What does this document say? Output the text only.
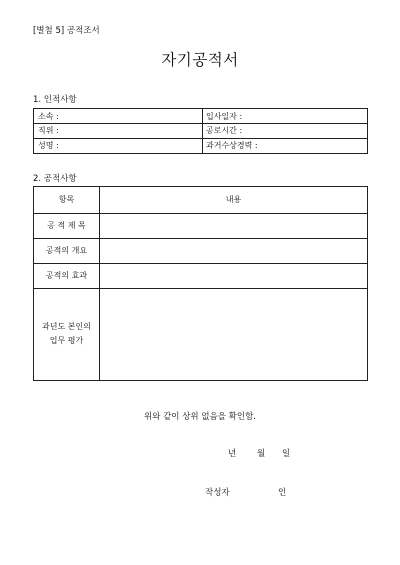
[별첨 5] 공적조서
자기공적서
1. 인적사항
소속 :	입사일자 :
직위 :	공로시간 :
성명 :	과거수상경력 :
2. 공적사항
항목	내용
공 적 제 목
공적의 개요
공적의 효과
과년도 본인의
업무 평가
위와 같이 상위 없음을 확인함.
년 월 일
작성자	인
